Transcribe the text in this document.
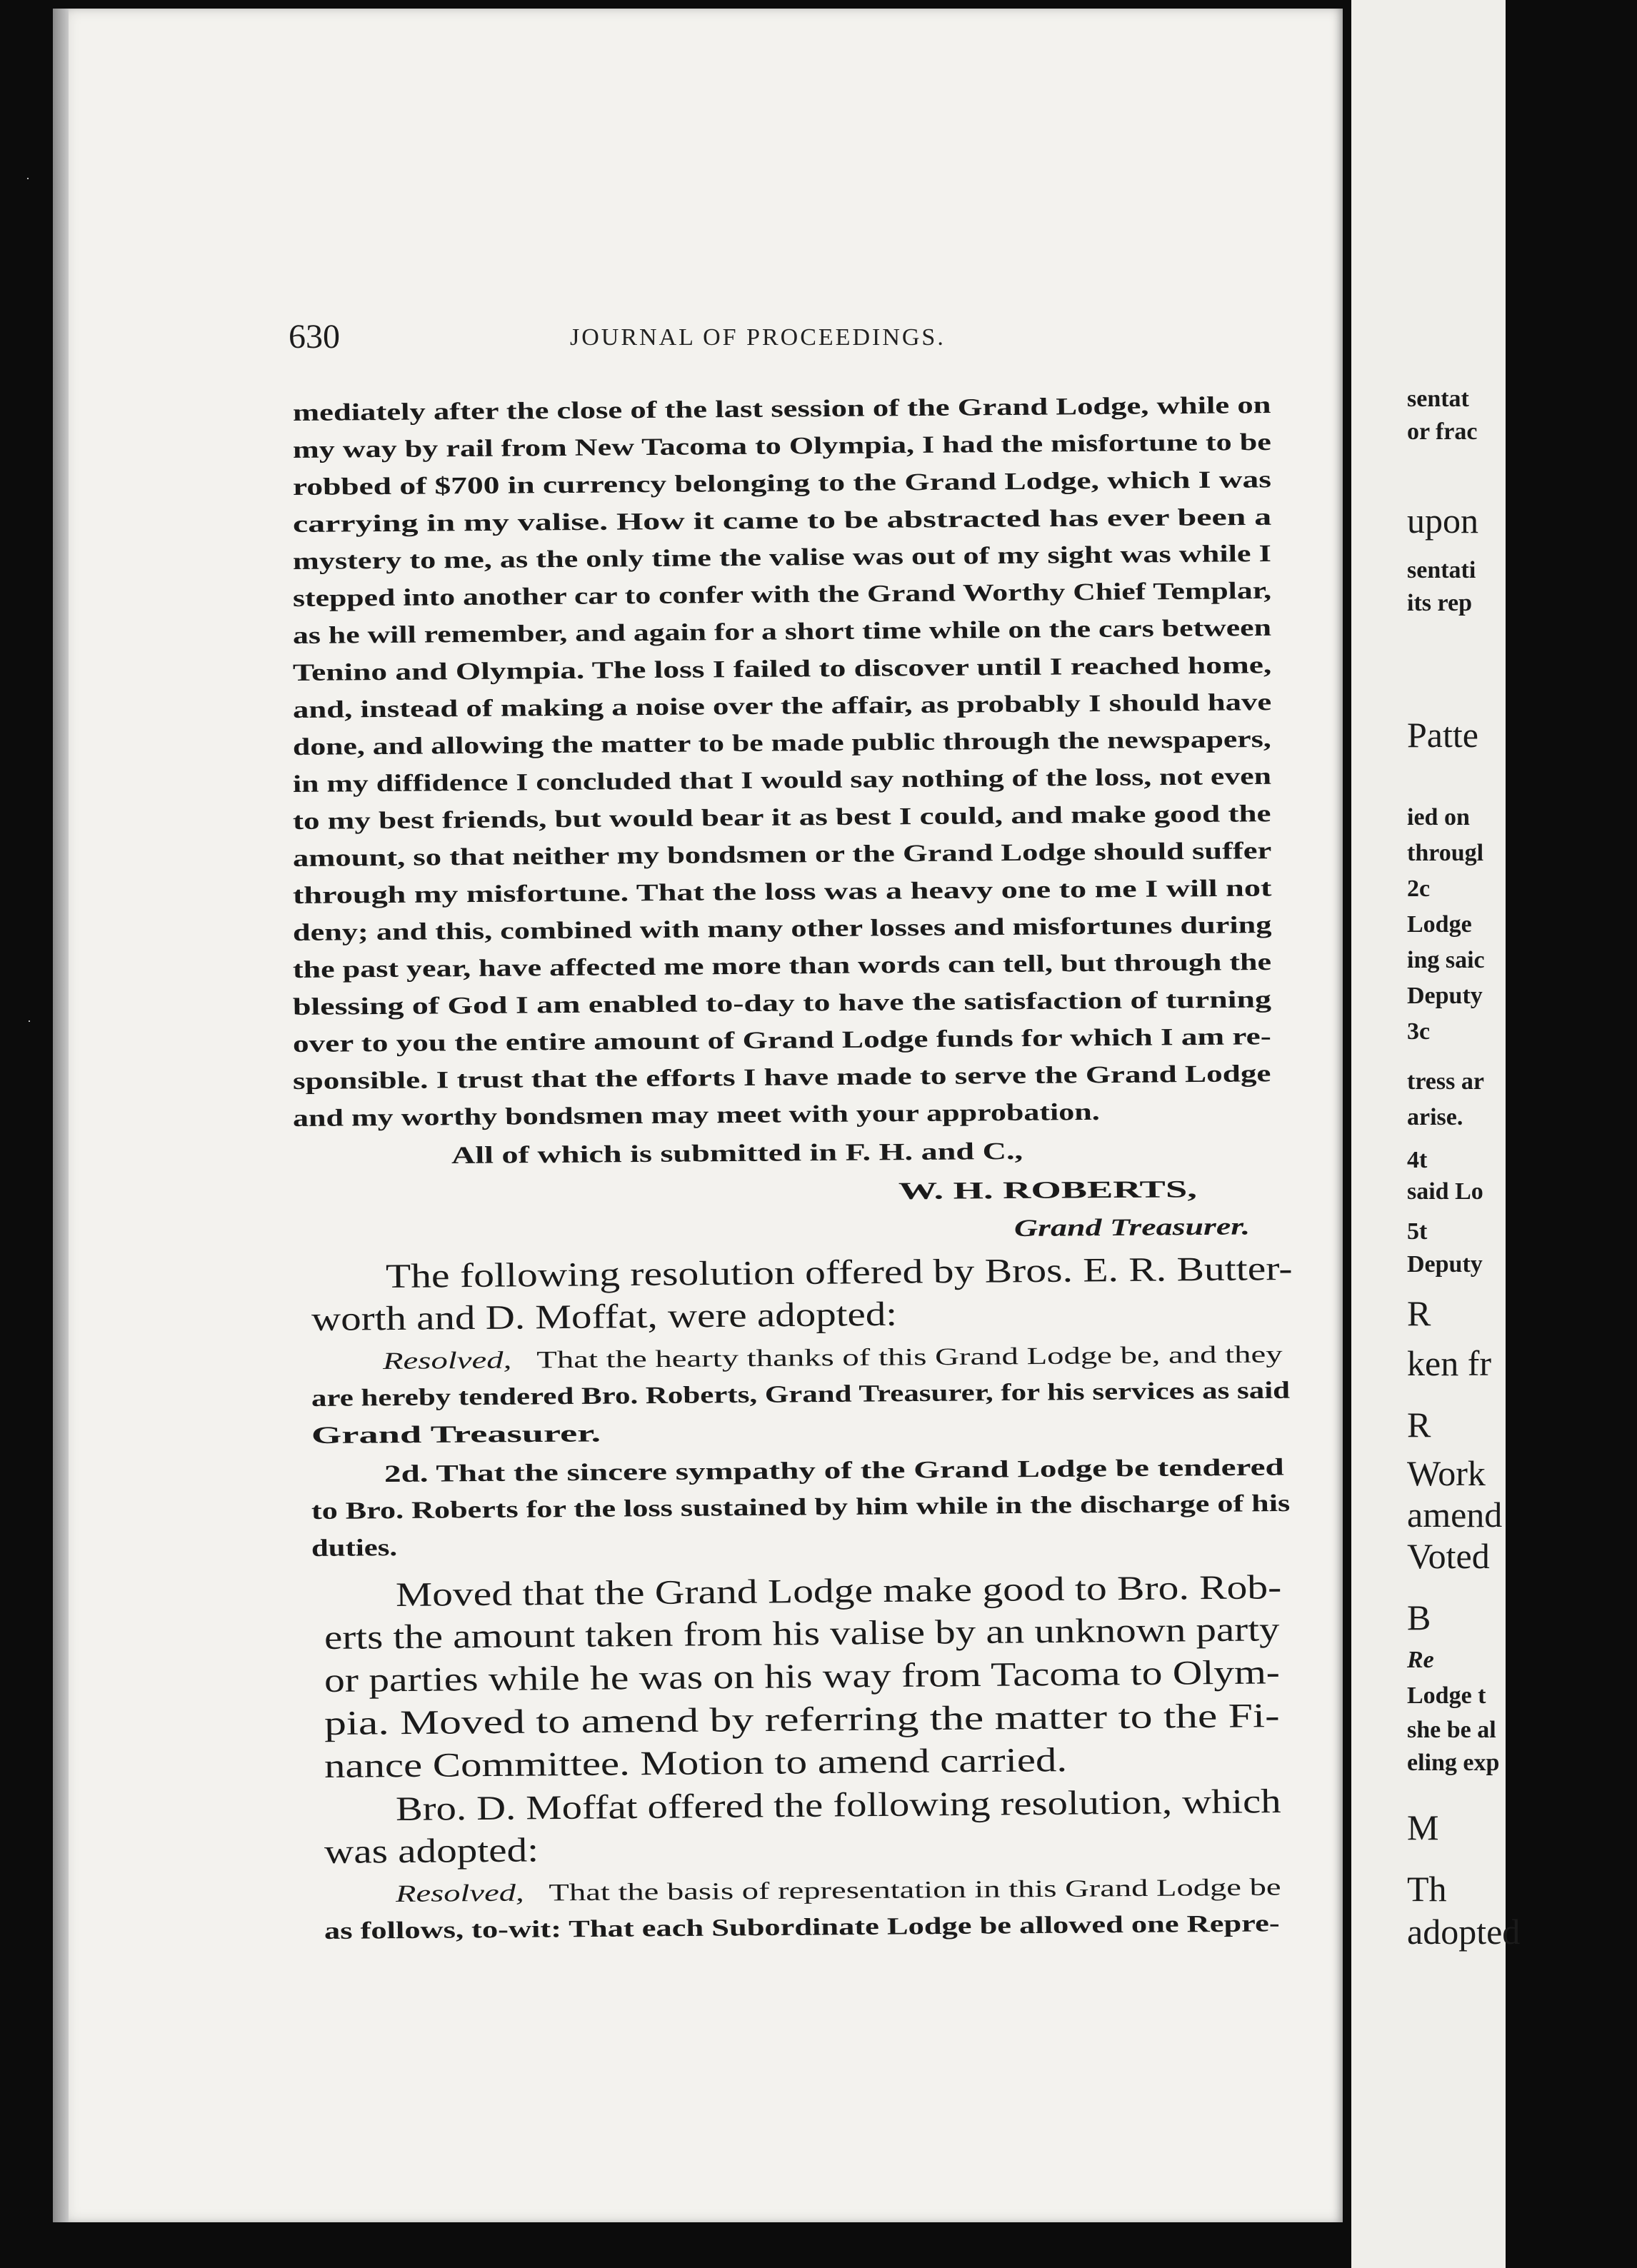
630	JOURNAL OF PROCEEDINGS.
mediately after the close of the last session of the Grand Lodge, while on
my way by rail from New Tacoma to Olympia, I had the misfortune to be
robbed of $700 in currency belonging to the Grand Lodge, which I was
carrying in my valise. How it came to be abstracted has ever been a
mystery to me, as the only time the valise was out of my sight was while I
stepped into another car to confer with the Grand Worthy Chief Templar,
as he will remember, and again for a short time while on the cars between
Tenino and Olympia. The loss I failed to discover until I reached home,
and, instead of making a noise over the affair, as probably I should have
done, and allowing the matter to be made public through the newspapers,
in my diffidence I concluded that I would say nothing of the loss, not even
to my best friends, but would bear it as best I could, and make good the
amount, so that neither my bondsmen or the Grand Lodge should suffer
through my misfortune. That the loss was a heavy one to me I will not
deny; and this, combined with many other losses and misfortunes during
the past year, have affected me more than words can tell, but through the
blessing of God I am enabled to-day to have the satisfaction of turning
over to you the entire amount of Grand Lodge funds for which I am re-
sponsible. I trust that the efforts I have made to serve the Grand Lodge
and my worthy bondsmen may meet with your approbation.
All of which is submitted in F. H. and C.,
W. H. ROBERTS,
Grand Treasurer.
The following resolution offered by Bros. E. R. Butter-
worth and D. Moffat, were adopted:
Resolved, That the hearty thanks of this Grand Lodge be, and they
are hereby tendered Bro. Roberts, Grand Treasurer, for his services as said
Grand Treasurer.
2d. That the sincere sympathy of the Grand Lodge be tendered
to Bro. Roberts for the loss sustained by him while in the discharge of his
duties.
Moved that the Grand Lodge make good to Bro. Rob-
erts the amount taken from his valise by an unknown party
or parties while he was on his way from Tacoma to Olym-
pia. Moved to amend by referring the matter to the Fi-
nance Committee. Motion to amend carried.
Bro. D. Moffat offered the following resolution, which
was adopted:
Resolved, That the basis of representation in this Grand Lodge be
as follows, to-wit: That each Subordinate Lodge be allowed one Repre-
sentat
or frac
upon
sentati
its rep
Patte
ied on
througl
2c
Lodge
ing saic
Deputy
3c
tress ar
arise.
4t
said Lo
5t
Deputy
R
ken fr
R
Work
amend
Voted
B
Re
Lodge t
she be al
eling exp
M
Th
adopted
·
·
